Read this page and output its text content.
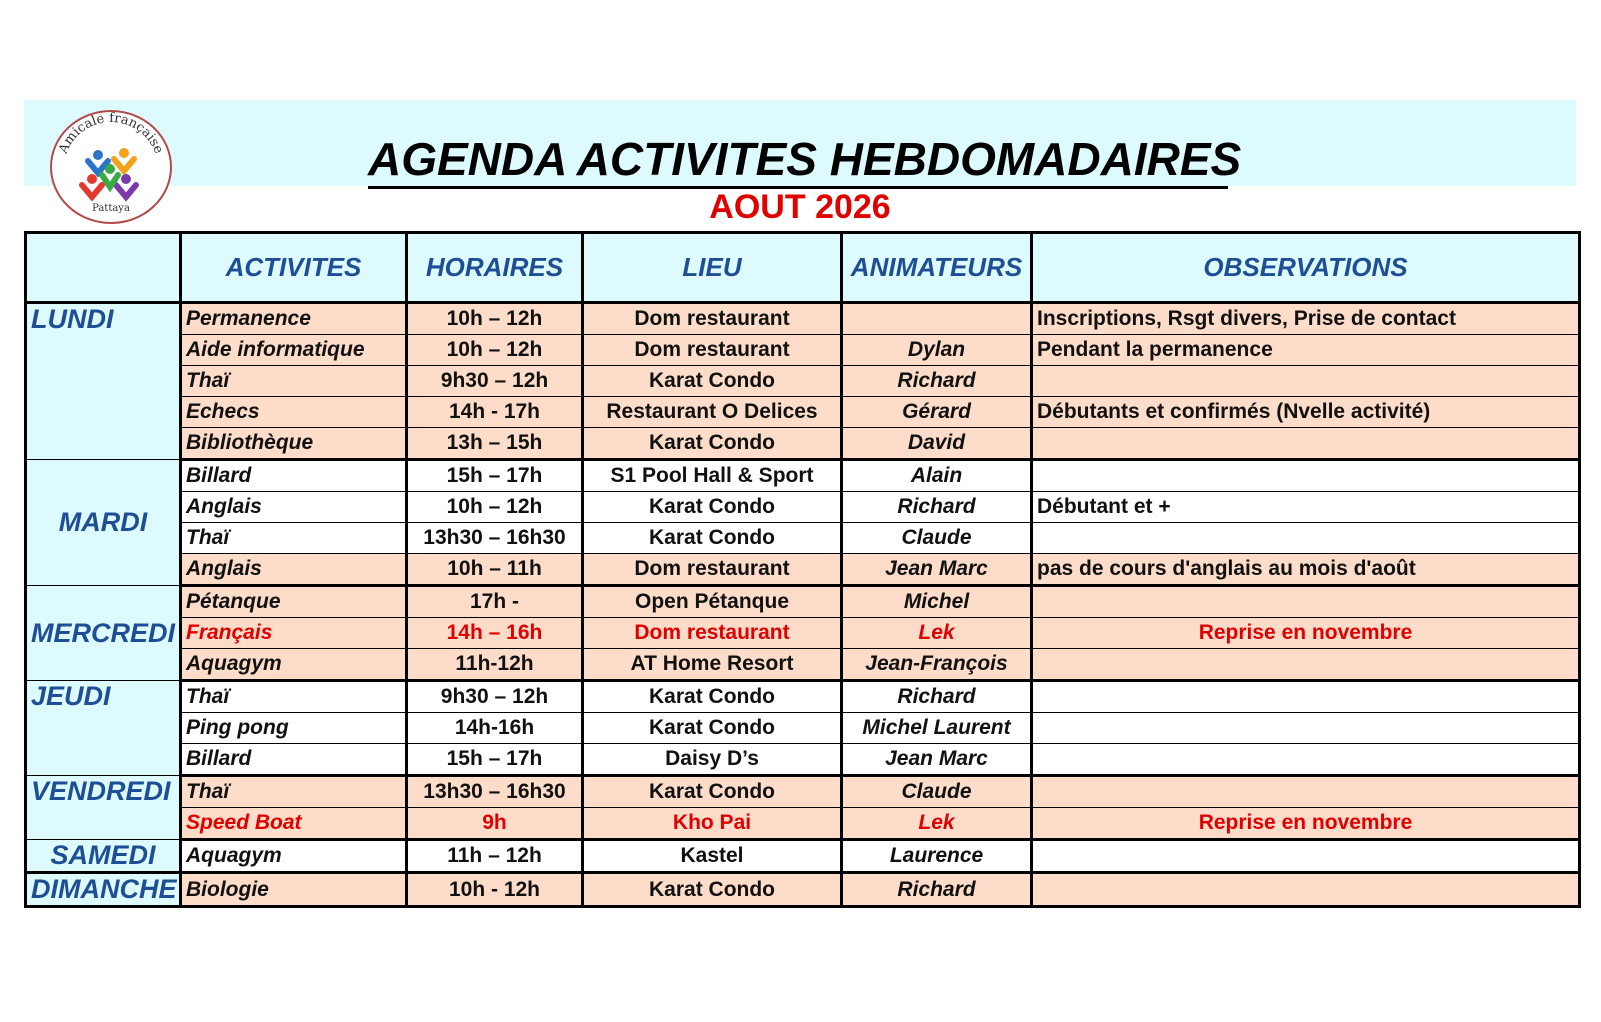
Amicale française
Pattaya
AGENDA ACTIVITES HEBDOMADAIRES
AOUT 2026
	ACTIVITES	HORAIRES	LIEU	ANIMATEURS	OBSERVATIONS
LUNDI	Permanence	10h – 12h	Dom restaurant		Inscriptions, Rsgt divers, Prise de contact
	Aide informatique	10h – 12h	Dom restaurant	Dylan	Pendant la permanence
	Thaï	9h30 – 12h	Karat Condo	Richard	
	Echecs	14h - 17h	Restaurant O Delices	Gérard	Débutants et confirmés (Nvelle activité)
	Bibliothèque	13h – 15h	Karat Condo	David	
MARDI	Billard	15h – 17h	S1 Pool Hall & Sport	Alain	
	Anglais	10h – 12h	Karat Condo	Richard	Débutant et +
	Thaï	13h30 – 16h30	Karat Condo	Claude	
	Anglais	10h – 11h	Dom restaurant	Jean Marc	pas de cours d'anglais au mois d'août
MERCREDI	Pétanque	17h -	Open Pétanque	Michel	
	Français	14h – 16h	Dom restaurant	Lek	Reprise en novembre
	Aquagym	11h-12h	AT Home Resort	Jean-François	
JEUDI	Thaï	9h30 – 12h	Karat Condo	Richard	
	Ping pong	14h-16h	Karat Condo	Michel Laurent	
	Billard	15h – 17h	Daisy D’s	Jean Marc	
VENDREDI	Thaï	13h30 – 16h30	Karat Condo	Claude	
	Speed Boat	9h	Kho Pai	Lek	Reprise en novembre
SAMEDI	Aquagym	11h – 12h	Kastel	Laurence	
DIMANCHE	Biologie	10h - 12h	Karat Condo	Richard	
